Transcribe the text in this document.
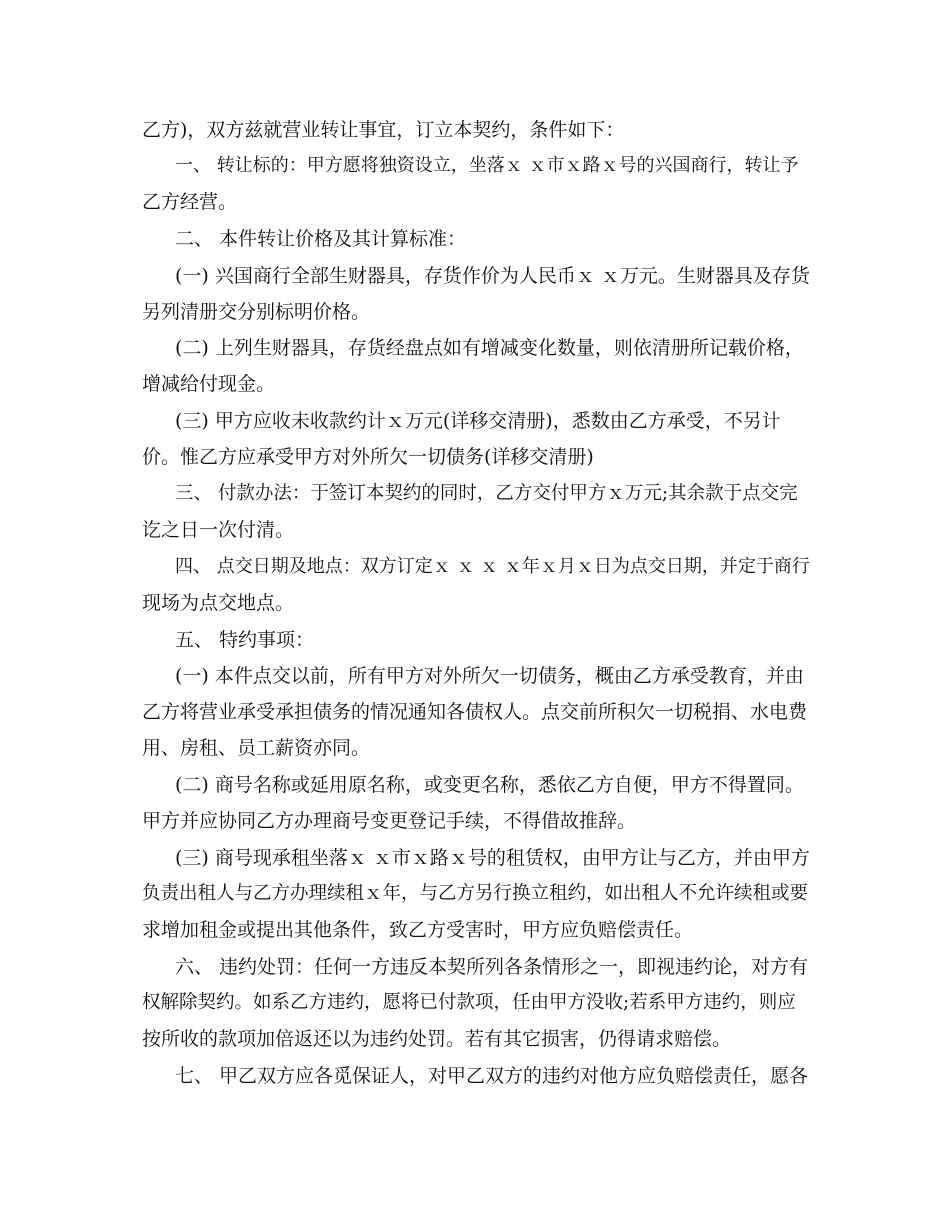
乙方)，双方兹就营业转让事宜，订立本契约，条件如下：
一、 转让标的：甲方愿将独资设立，坐落ｘ ｘ市ｘ路ｘ号的兴国商行，转让予
乙方经营。
二、 本件转让价格及其计算标准：
(一) 兴国商行全部生财器具，存货作价为人民币ｘ ｘ万元。生财器具及存货
另列清册交分别标明价格。
(二) 上列生财器具，存货经盘点如有增减变化数量，则依清册所记载价格，
增减给付现金。
(三) 甲方应收未收款约计ｘ万元(详移交清册)，悉数由乙方承受，不另计
价。惟乙方应承受甲方对外所欠一切债务(详移交清册)
三、 付款办法：于签订本契约的同时，乙方交付甲方ｘ万元;其余款于点交完
讫之日一次付清。
四、 点交日期及地点：双方订定ｘ ｘ ｘ ｘ年ｘ月ｘ日为点交日期，并定于商行
现场为点交地点。
五、 特约事项：
(一) 本件点交以前，所有甲方对外所欠一切债务，概由乙方承受教育，并由
乙方将营业承受承担债务的情况通知各债权人。点交前所积欠一切税捐、水电费
用、房租、员工薪资亦同。
(二) 商号名称或延用原名称，或变更名称，悉依乙方自便，甲方不得置同。
甲方并应协同乙方办理商号变更登记手续，不得借故推辞。
(三) 商号现承租坐落ｘ ｘ市ｘ路ｘ号的租赁权，由甲方让与乙方，并由甲方
负责出租人与乙方办理续租ｘ年，与乙方另行换立租约，如出租人不允许续租或要
求增加租金或提出其他条件，致乙方受害时，甲方应负赔偿责任。
六、 违约处罚：任何一方违反本契所列各条情形之一，即视违约论，对方有
权解除契约。如系乙方违约，愿将已付款项，任由甲方没收;若系甲方违约，则应
按所收的款项加倍返还以为违约处罚。若有其它损害，仍得请求赔偿。
七、 甲乙双方应各觅保证人，对甲乙双方的违约对他方应负赔偿责任，愿各
